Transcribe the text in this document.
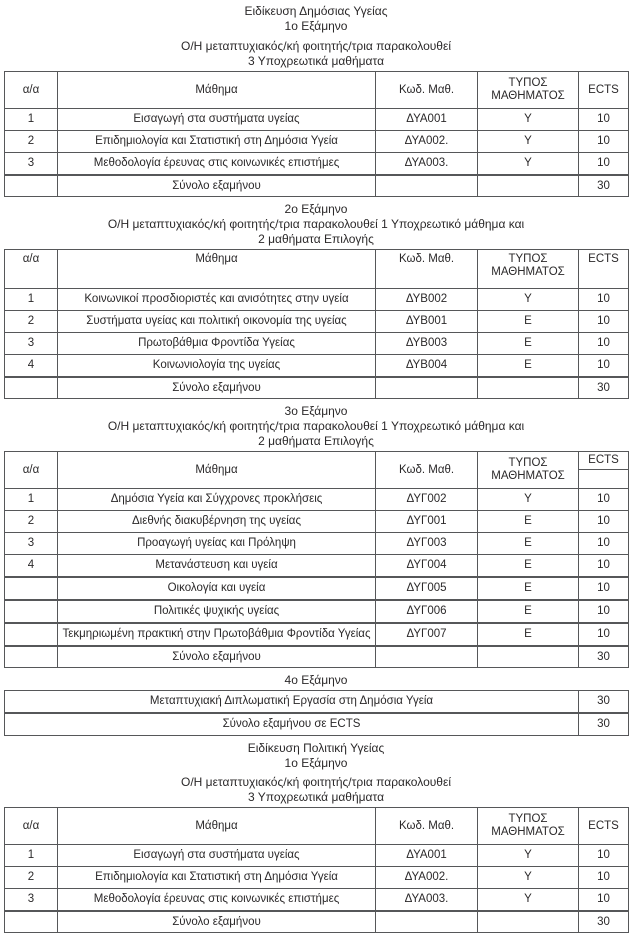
Ειδίκευση Δημόσιας Υγείας
1ο Εξάμηνο
Ο/Η μεταπτυχιακός/κή φοιτητής/τρια παρακολουθεί
3 Υποχρεωτικά μαθήματα
α/α	Μάθημα	Κωδ. Μαθ.	ΤΥΠΟΣ ΜΑΘΗΜΑΤΟΣ	ECTS
1	Εισαγωγή στα συστήματα υγείας	ΔΥΑ001	Υ	10
2	Επιδημιολογία και Στατιστική στη Δημόσια Υγεία	ΔΥΑ002.	Υ	10
3	Μεθοδολογία έρευνας στις κοινωνικές επιστήμες	ΔΥΑ003.	Υ	10
	Σύνολο εξαμήνου			30
2ο Εξάμηνο
Ο/Η μεταπτυχιακός/κή φοιτητής/τρια παρακολουθεί 1 Υποχρεωτικό μάθημα και
2 μαθήματα Επιλογής
α/α	Μάθημα	Κωδ. Μαθ.	ΤΥΠΟΣ ΜΑΘΗΜΑΤΟΣ	ECTS
1	Κοινωνικοί προσδιοριστές και ανισότητες στην υγεία	ΔΥΒ002	Υ	10
2	Συστήματα υγείας και πολιτική οικονομία της υγείας	ΔΥΒ001	Ε	10
3	Πρωτοβάθμια Φροντίδα Υγείας	ΔΥΒ003	Ε	10
4	Κοινωνιολογία της υγείας	ΔΥΒ004	Ε	10
	Σύνολο εξαμήνου			30
3ο Εξάμηνο
Ο/Η μεταπτυχιακός/κή φοιτητής/τρια παρακολουθεί 1 Υποχρεωτικό μάθημα και
2 μαθήματα Επιλογής
α/α	Μάθημα	Κωδ. Μαθ.	ΤΥΠΟΣ ΜΑΘΗΜΑΤΟΣ	ECTS

1	Δημόσια Υγεία και Σύγχρονες προκλήσεις	ΔΥΓ002	Υ	10
2	Διεθνής διακυβέρνηση της υγείας	ΔΥΓ001	Ε	10
3	Προαγωγή υγείας και Πρόληψη	ΔΥΓ003	Ε	10
4	Μετανάστευση και υγεία	ΔΥΓ004	Ε	10
	Οικολογία και υγεία	ΔΥΓ005	Ε	10
	Πολιτικές ψυχικής υγείας	ΔΥΓ006	Ε	10
	Τεκμηριωμένη πρακτική στην Πρωτοβάθμια Φροντίδα Υγείας	ΔΥΓ007	Ε	10
	Σύνολο εξαμήνου			30
4ο Εξάμηνο
Μεταπτυχιακή Διπλωματική Εργασία στη Δημόσια Υγεία	30
Σύνολο εξαμήνου σε ECTS	30
Ειδίκευση Πολιτική Υγείας
1ο Εξάμηνο
Ο/Η μεταπτυχιακός/κή φοιτητής/τρια παρακολουθεί
3 Υποχρεωτικά μαθήματα
α/α	Μάθημα	Κωδ. Μαθ.	ΤΥΠΟΣ ΜΑΘΗΜΑΤΟΣ	ECTS
1	Εισαγωγή στα συστήματα υγείας	ΔΥΑ001	Υ	10
2	Επιδημιολογία και Στατιστική στη Δημόσια Υγεία	ΔΥΑ002.	Υ	10
3	Μεθοδολογία έρευνας στις κοινωνικές επιστήμες	ΔΥΑ003.	Υ	10
	Σύνολο εξαμήνου			30
